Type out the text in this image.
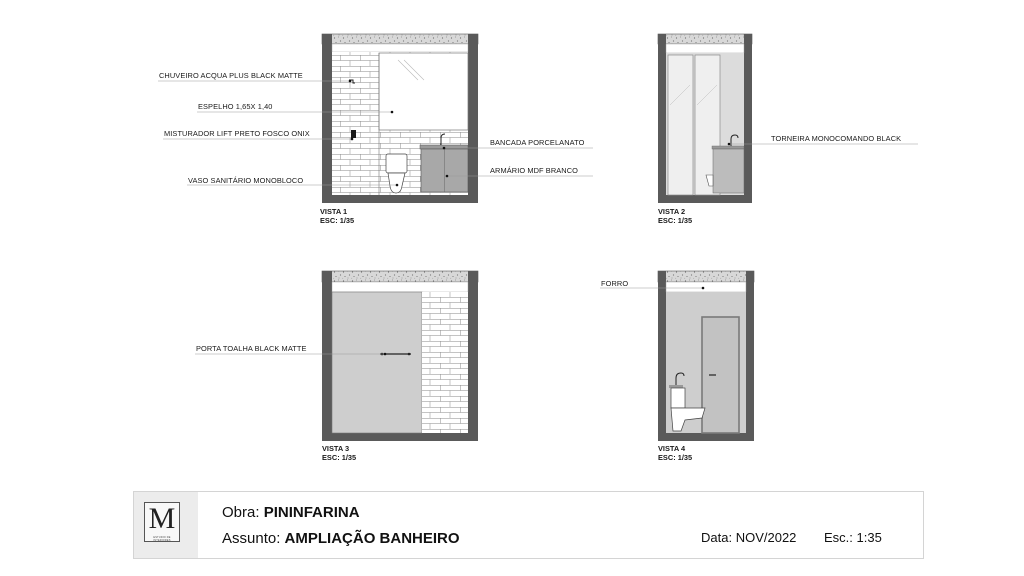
CHUVEIRO ACQUA PLUS BLACK MATTE
ESPELHO 1,65X 1,40
MISTURADOR LIFT PRETO FOSCO ONIX
VASO SANITÁRIO MONOBLOCO
BANCADA PORCELANATO
ARMÁRIO MDF BRANCO
TORNEIRA MONOCOMANDO BLACK
PORTA TOALHA BLACK MATTE
FORRO
VISTA 1
ESC: 1/35
VISTA 2
ESC: 1/35
VISTA 3
ESC: 1/35
VISTA 4
ESC: 1/35
M
ESTUDIO DE INTERIORES
Obra: PININFARINA
Assunto: AMPLIAÇÃO BANHEIRO	Data: NOV/2022 Esc.: 1:35
